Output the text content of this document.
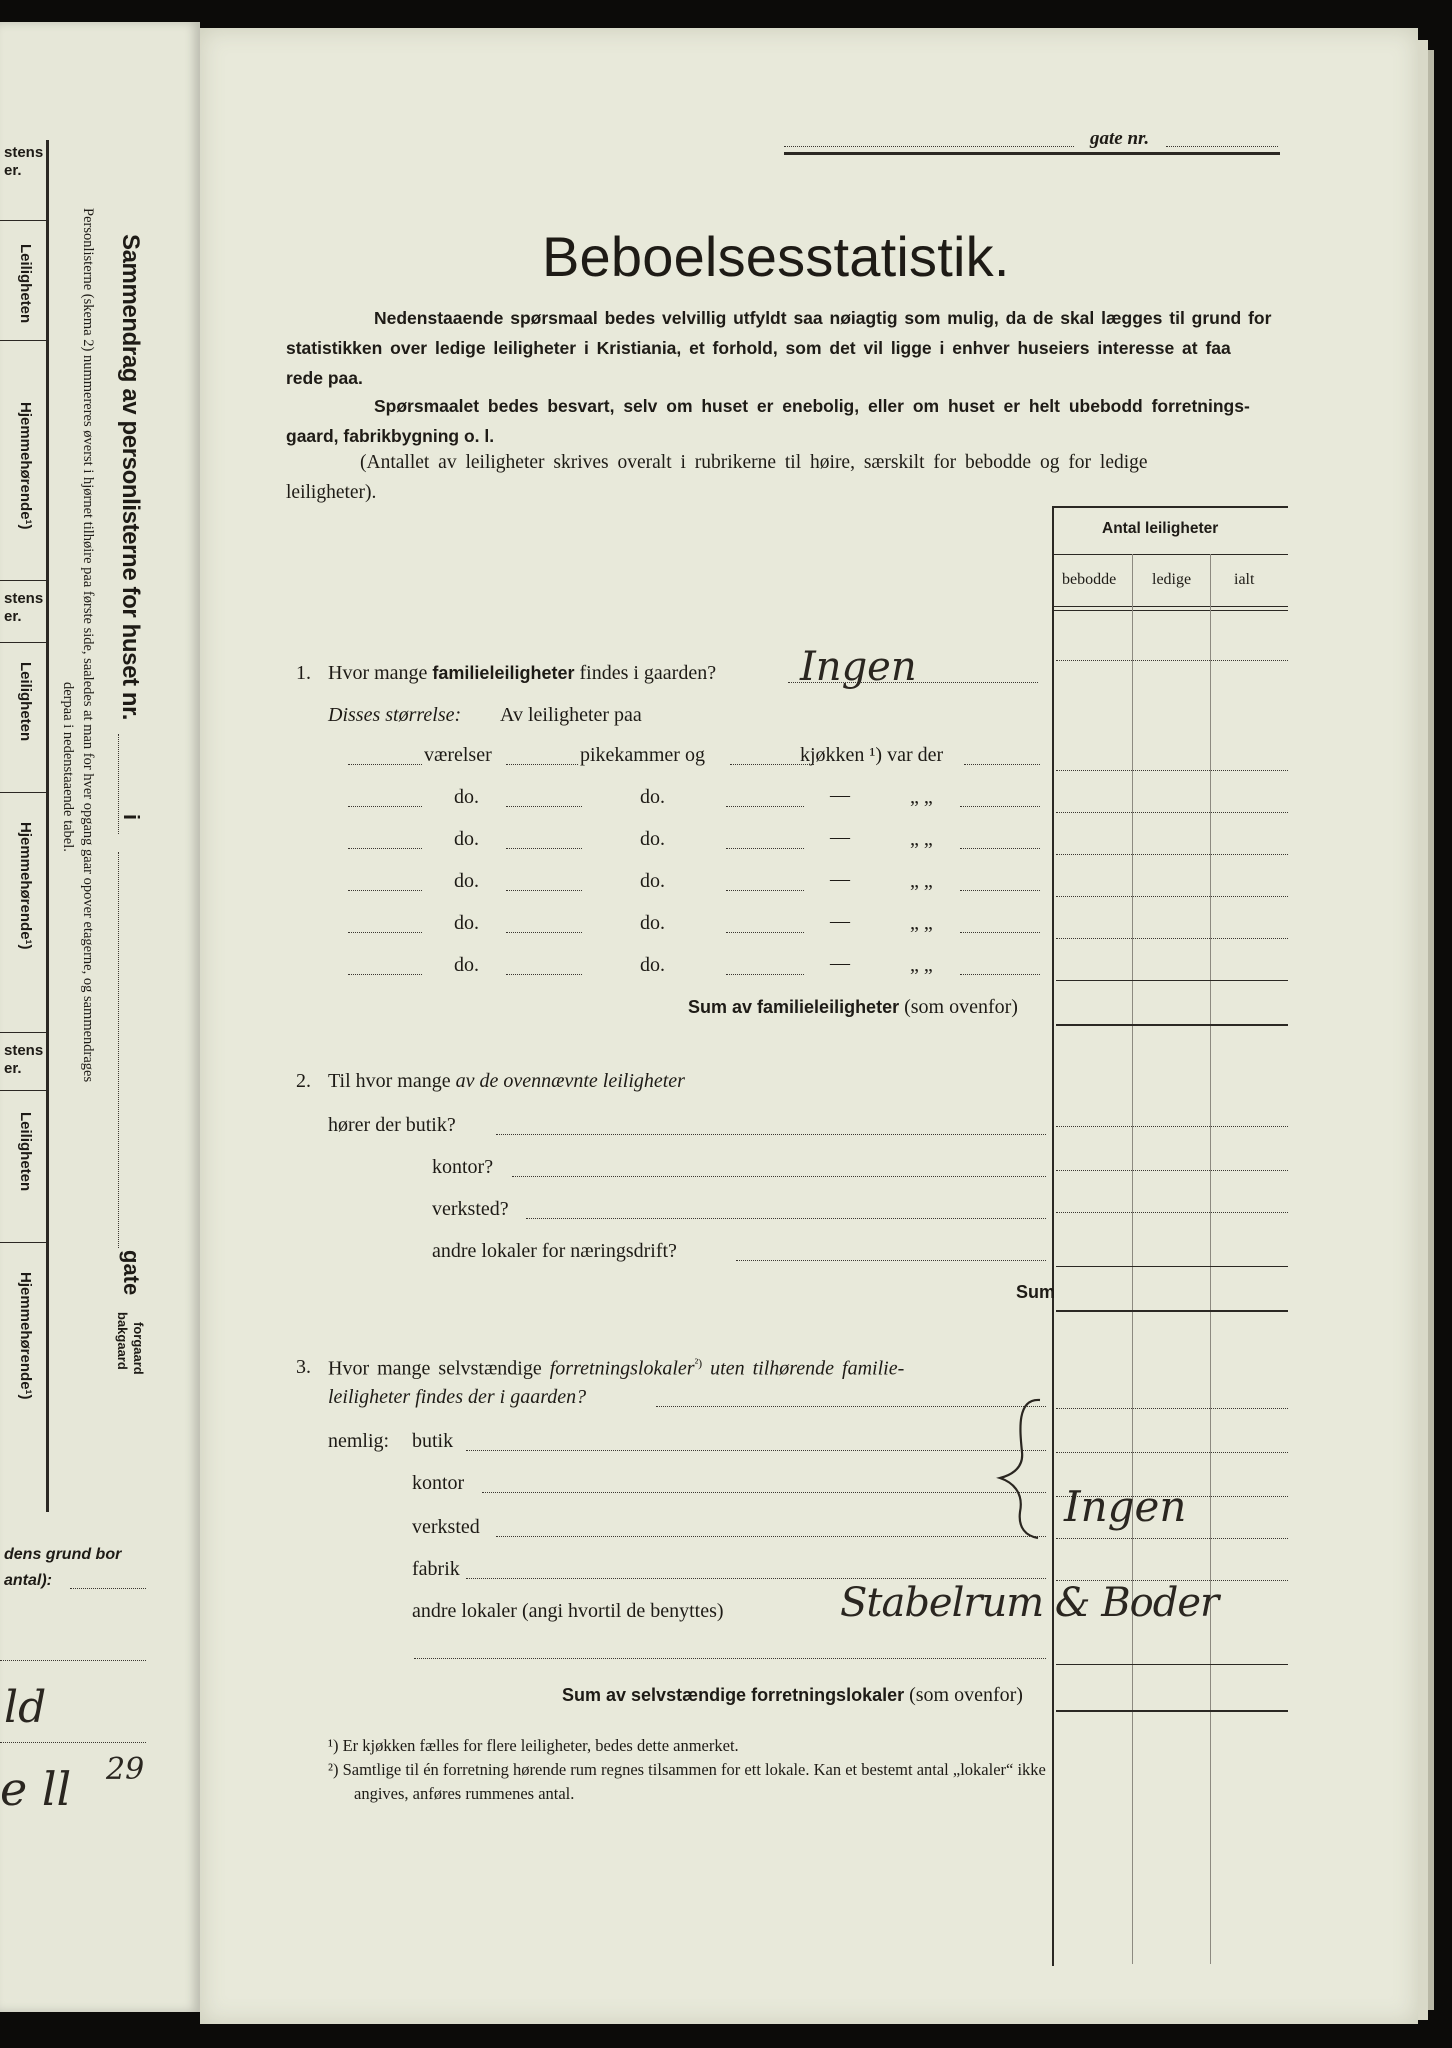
stens
er.
Leiligheten
Hjemmehørende¹)
stens
er.
Leiligheten
Hjemmehørende¹)
stens
er.
Leiligheten
Hjemmehørende¹)
Personlisterne (skema 2) nummereres øverst i hjørnet tilhøire paa første side, saaledes at man for hver opgang gaar opover etagerne, og sammendrages
derpaa i nedenstaaende tabel.
Sammendrag av personlisterne for huset nr.
i
gate
forgaard
bakgaard
dens grund bor
antal):
ld
e ll 29
gate nr.
Beboelsesstatistik.
Nedenstaaende spørsmaal bedes velvillig utfyldt saa nøiagtig som mulig, da de skal lægges til grund for
statistikken over ledige leiligheter i Kristiania, et forhold, som det vil ligge i enhver huseiers interesse at faa
rede paa.
Spørsmaalet bedes besvart, selv om huset er enebolig, eller om huset er helt ubebodd forretnings-
gaard, fabrikbygning o. l.
(Antallet av leiligheter skrives overalt i rubrikerne til høire, særskilt for bebodde og for ledige
leiligheter).
Antal leiligheter
bebodde ledige	ialt
1. Hvor mange familieleiligheter findes i gaarden? Ingen
Disses størrelse: Av leiligheter paa
værelser	pikekammer og	kjøkken ¹) var der
do.	do.	—	„ „
do.	do.	—	„ „
do.	do.	—	„ „
do.	do.	—	„ „
do.	do.	—	„ „
Sum av familieleiligheter (som ovenfor)
2. Til hvor mange av de ovennævnte leiligheter
hører der butik?
kontor?
verksted?
andre lokaler for næringsdrift?
Sum
3. Hvor mange selvstændige forretningslokaler$^{^2)}$ uten tilhørende familie-
leiligheter findes der i gaarden?
nemlig: butik
kontor
verksted
fabrik
andre lokaler (angi hvortil de benyttes)
Sum av selvstændige forretningslokaler (som ovenfor)
Ingen
Stabelrum & Boder
¹) Er kjøkken fælles for flere leiligheter, bedes dette anmerket.
²) Samtlige til én forretning hørende rum regnes tilsammen for ett lokale. Kan et bestemt antal „lokaler“ ikke
angives, anføres rummenes antal.
